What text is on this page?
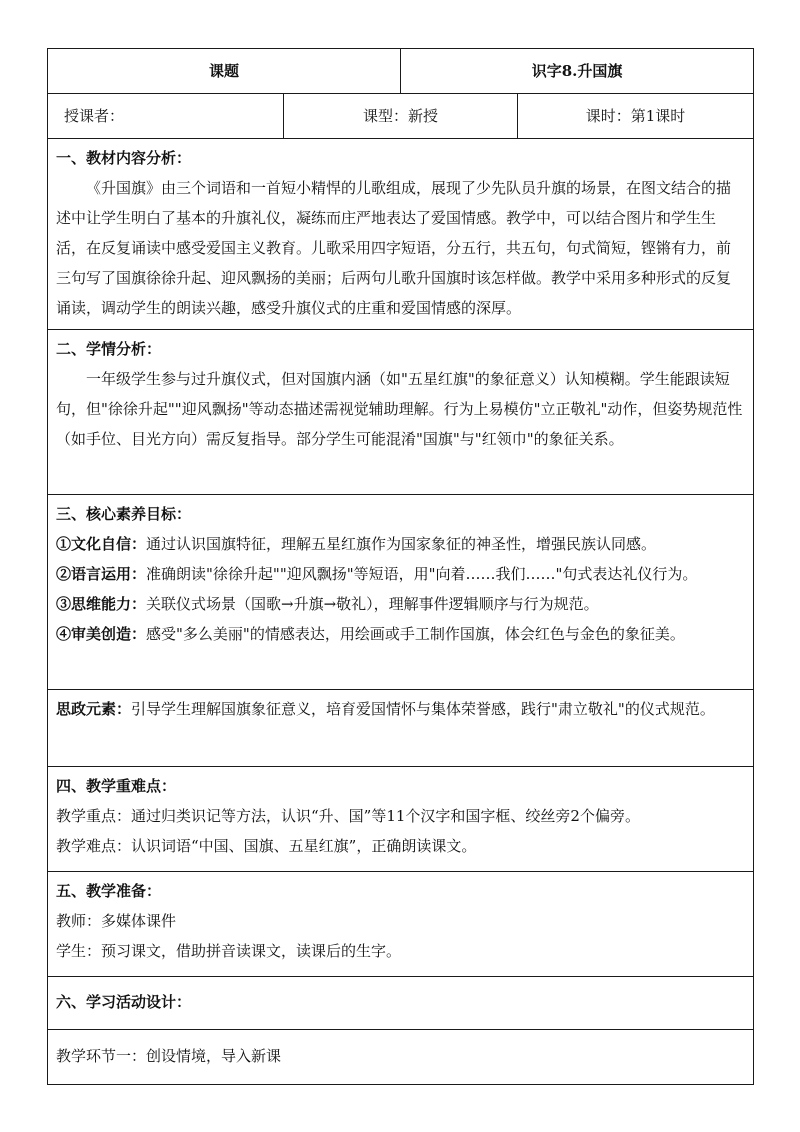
课题		识字8.升国旗	
授课者：	课型：新授		课时：第1课时

一、教材内容分析：
《升国旗》由三个词语和一首短小精悍的儿歌组成，展现了少先队员升旗的场景，在图文结合的描述中让学生明白了基本的升旗礼仪，凝练而庄严地表达了爱国情感。教学中，可以结合图片和学生生活，在反复诵读中感受爱国主义教育。儿歌采用四字短语，分五行，共五句，句式简短，铿锵有力，前三句写了国旗徐徐升起、迎风飘扬的美丽；后两句儿歌升国旗时该怎样做。教学中采用多种形式的反复诵读，调动学生的朗读兴趣，感受升旗仪式的庄重和爱国情感的深厚。			

二、学情分析：
一年级学生参与过升旗仪式，但对国旗内涵（如"五星红旗"的象征意义）认知模糊。学生能跟读短句，但"徐徐升起""迎风飘扬"等动态描述需视觉辅助理解。行为上易模仿"立正敬礼"动作，但姿势规范性（如手位、目光方向）需反复指导。部分学生可能混淆"国旗"与"红领巾"的象征关系。			

三、核心素养目标：
①文化自信：通过认识国旗特征，理解五星红旗作为国家象征的神圣性，增强民族认同感。
②语言运用：准确朗读"徐徐升起""迎风飘扬"等短语，用"向着……我们……"句式表达礼仪行为。
③思维能力：关联仪式场景（国歌→升旗→敬礼），理解事件逻辑顺序与行为规范。
④审美创造：感受"多么美丽"的情感表达，用绘画或手工制作国旗，体会红色与金色的象征美。			

思政元素：引导学生理解国旗象征意义，培育爱国情怀与集体荣誉感，践行"肃立敬礼"的仪式规范。			

四、教学重难点：
教学重点：通过归类识记等方法，认识“升、国”等11个汉字和国字框、绞丝旁2个偏旁。
教学难点：认识词语“中国、国旗、五星红旗”，正确朗读课文。			

五、教学准备：
教师：多媒体课件
学生：预习课文，借助拼音读课文，读课后的生字。			

六、学习活动设计：			

教学环节一：创设情境，导入新课			
